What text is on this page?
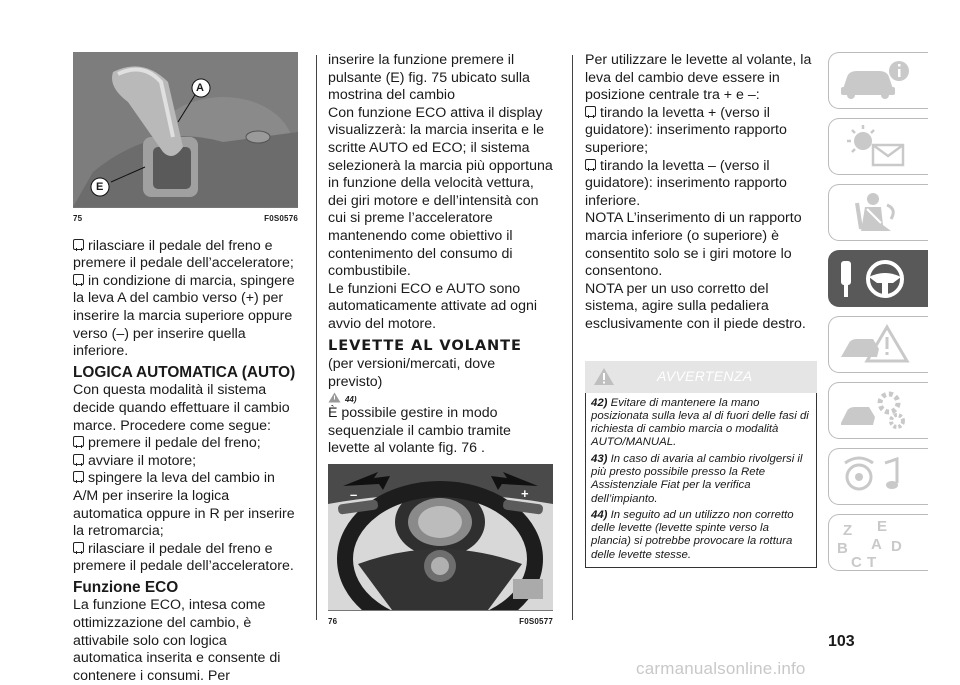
A
E
75	F0S0576

rilasciare il pedale del freno e premere il pedale dell’acceleratore;

in condizione di marcia, spingere la leva A del cambio verso (+) per inserire la marcia superiore oppure verso (–) per inserire quella inferiore.

LOGICA AUTOMATICA (AUTO)

Con questa modalità il sistema decide quando effettuare il cambio marce. Procedere come segue:

premere il pedale del freno;

avviare il motore;

spingere la leva del cambio in A/M per inserire la logica automatica oppure in R per inserire la retromarcia;

rilasciare il pedale del freno e premere il pedale dell’acceleratore.

Funzione ECO

La funzione ECO, intesa come ottimizzazione del cambio, è attivabile solo con logica automatica inserita e consente di contenere i consumi. Per

inserire la funzione premere il pulsante (E) fig. 75 ubicato sulla mostrina del cambio

Con funzione ECO attiva il display visualizzerà: la marcia inserita e le scritte AUTO ed ECO; il sistema selezionerà la marcia più opportuna in funzione della velocità vettura, dei giri motore e dell’intensità con cui si preme l’acceleratore mantenendo come obiettivo il contenimento del consumo di combustibile.

Le funzioni ECO e AUTO sono automaticamente attivate ad ogni avvio del motore.

LEVETTE AL VOLANTE

(per versioni/mercati, dove previsto)

44)

È possibile gestire in modo sequenziale il cambio tramite levette al volante fig. 76 .

–	+
76	F0S0577

Per utilizzare le levette al volante, la leva del cambio deve essere in posizione centrale tra + e –:

tirando la levetta + (verso il guidatore): inserimento rapporto superiore;

tirando la levetta – (verso il guidatore): inserimento rapporto inferiore.

NOTA L’inserimento di un rapporto marcia inferiore (o superiore) è consentito solo se i giri motore lo consentono.

NOTA per un uso corretto del sistema, agire sulla pedaliera esclusivamente con il piede destro.

AVVERTENZA

42) Evitare di mantenere la mano posizionata sulla leva al di fuori delle fasi di richiesta di cambio marcia o modalità AUTO/MANUAL.

43) In caso di avaria al cambio rivolgersi il più presto possibile presso la Rete Assistenziale Fiat per la verifica dell’impianto.

44) In seguito ad un utilizzo non corretto delle levette (levette spinte verso la plancia) si potrebbe provocare la rottura delle levette stesse.

Z E
A
B	D
C T
103
carmanualsonline.info
